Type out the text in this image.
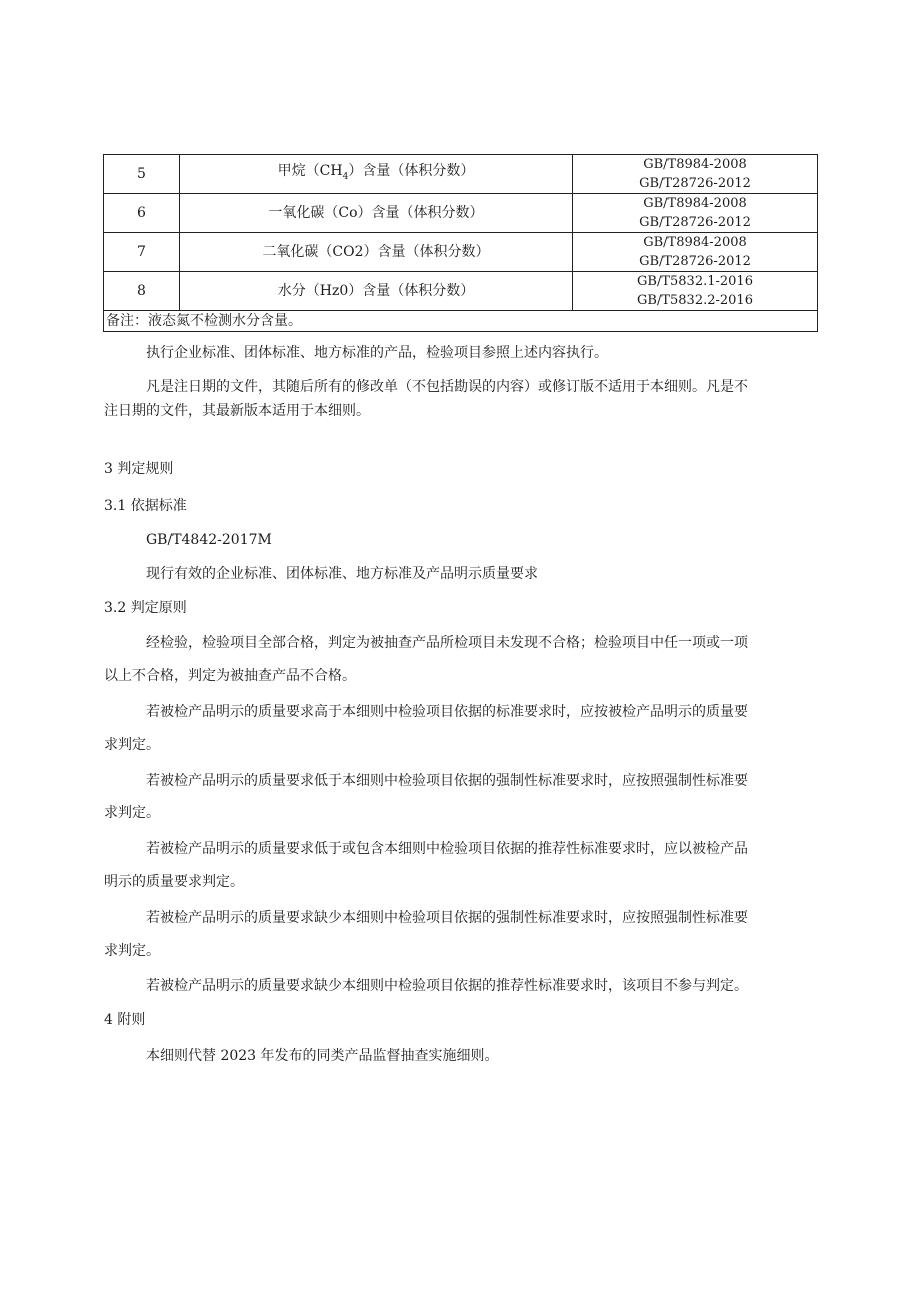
5	甲烷$(CH_4)$含量（体积分数）	GB/T8984-2008
GB/T28726-2012

6	一氧化碳（Co）含量（体积分数）	GB/T8984-2008
GB/T28726-2012

7	二氧化碳（CO2）含量（体积分数）	GB/T8984-2008
GB/T28726-2012

8	水分（Hz0）含量（体积分数）	GB/T5832.1-2016
GB/T5832.2-2016

备注：液态氮不检测水分含量。		

执行企业标准、团体标准、地方标准的产品，检验项目参照上述内容执行。

凡是注日期的文件，其随后所有的修改单（不包括勘误的内容）或修订版不适用于本细则。凡是不

注日期的文件，其最新版本适用于本细则。

3 判定规则

3.1 依据标准

GB/T4842-2017M

现行有效的企业标准、团体标准、地方标准及产品明示质量要求

3.2 判定原则

经检验，检验项目全部合格，判定为被抽查产品所检项目未发现不合格；检验项目中任一项或一项

以上不合格，判定为被抽查产品不合格。

若被检产品明示的质量要求高于本细则中检验项目依据的标准要求时，应按被检产品明示的质量要

求判定。

若被检产品明示的质量要求低于本细则中检验项目依据的强制性标准要求时，应按照强制性标准要

求判定。

若被检产品明示的质量要求低于或包含本细则中检验项目依据的推荐性标准要求时，应以被检产品

明示的质量要求判定。

若被检产品明示的质量要求缺少本细则中检验项目依据的强制性标准要求时，应按照强制性标准要

求判定。

若被检产品明示的质量要求缺少本细则中检验项目依据的推荐性标准要求时，该项目不参与判定。

4 附则

本细则代替 2023 年发布的同类产品监督抽查实施细则。
